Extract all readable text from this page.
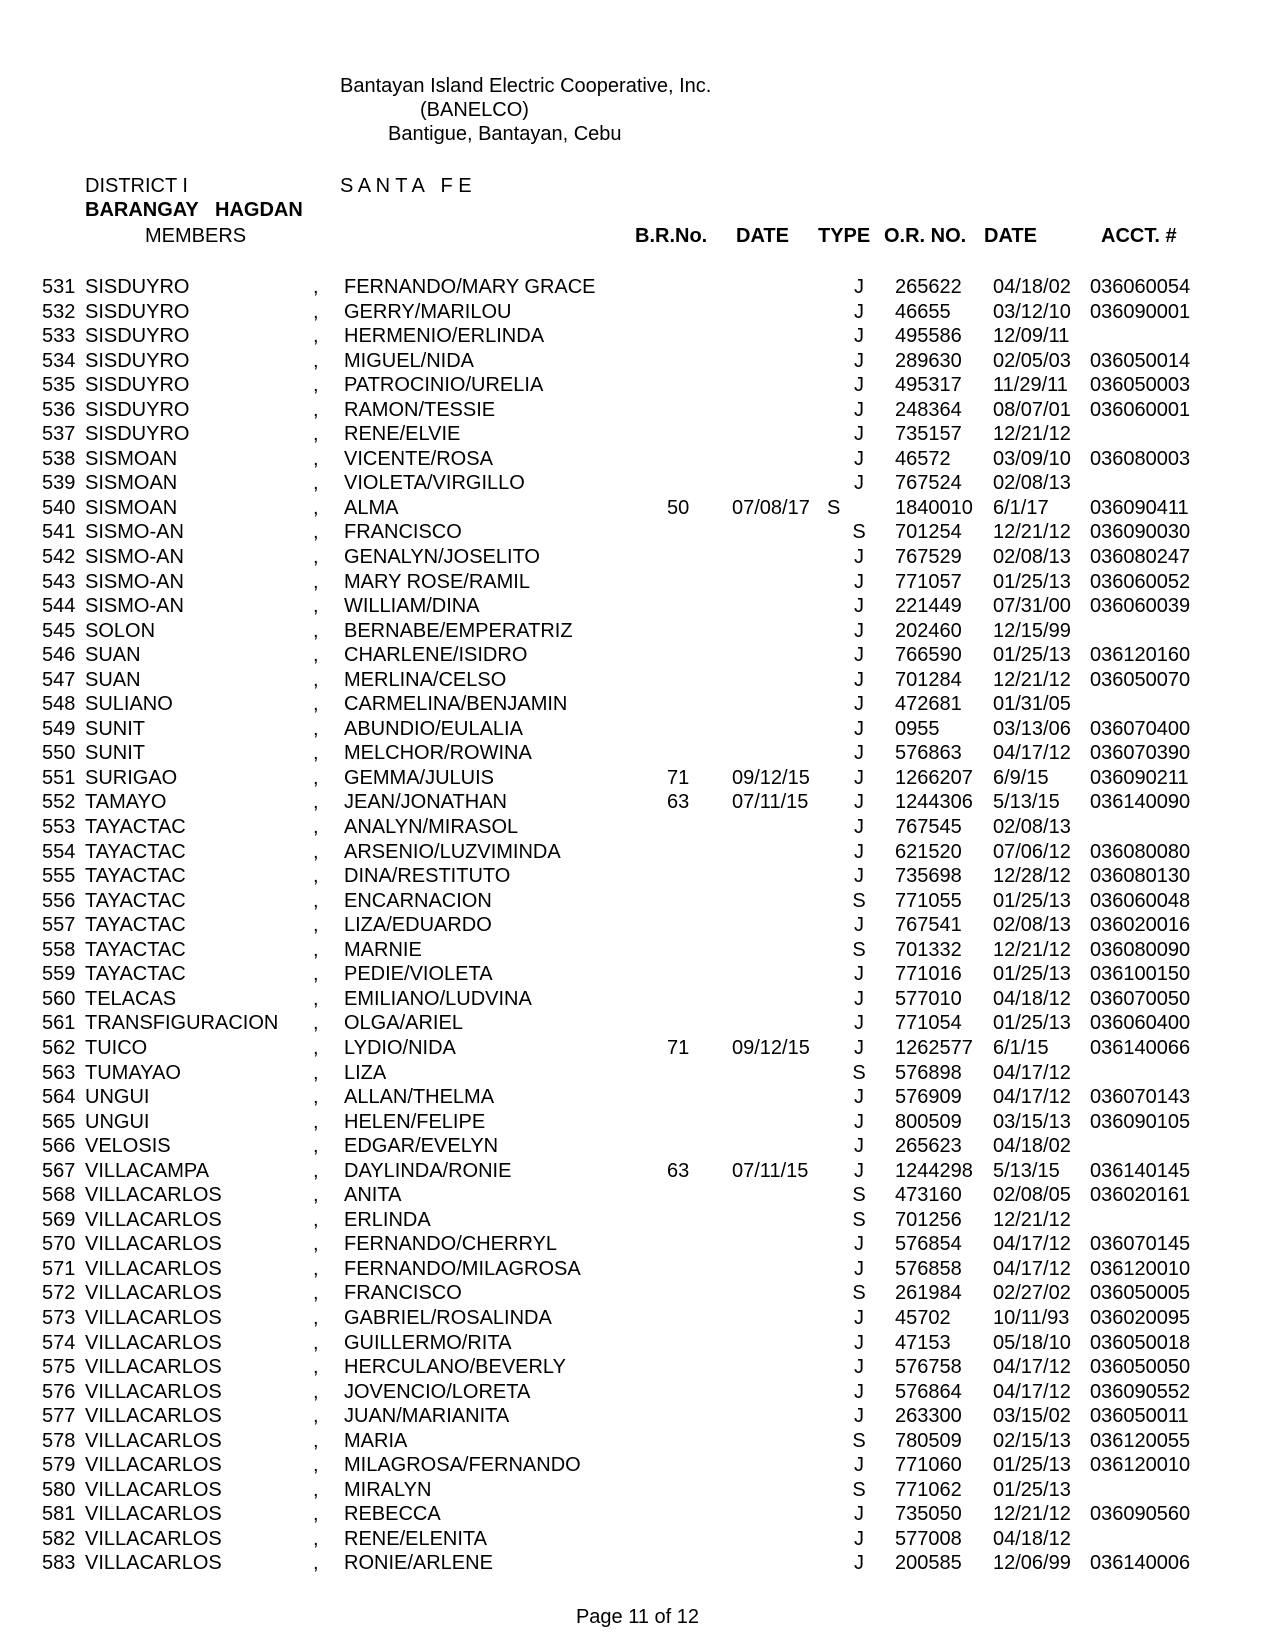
Bantayan Island Electric Cooperative, Inc.
(BANELCO)
Bantigue, Bantayan, Cebu
DISTRICT I	S A N T A   F E
BARANGAY   HAGDAN
MEMBERS	B.R.No. DATE TYPE O.R. NO. DATE	ACCT. #
531 SISDUYRO	, FERNANDO/MARY GRACE	J 265622 04/18/02 036060054
532 SISDUYRO	, GERRY/MARILOU	J 46655 03/12/10 036090001
533 SISDUYRO	, HERMENIO/ERLINDA	J 495586 12/09/11
534 SISDUYRO	, MIGUEL/NIDA	J 289630 02/05/03 036050014
535 SISDUYRO	, PATROCINIO/URELIA	J 495317 11/29/11 036050003
536 SISDUYRO	, RAMON/TESSIE	J 248364 08/07/01 036060001
537 SISDUYRO	, RENE/ELVIE	J 735157 12/21/12
538 SISMOAN	, VICENTE/ROSA	J 46572 03/09/10 036080003
539 SISMOAN	, VIOLETA/VIRGILLO	J 767524 02/08/13
540 SISMOAN	, ALMA	50 07/08/17 S	1840010 6/1/17 036090411
541 SISMO-AN	, FRANCISCO	S 701254 12/21/12 036090030
542 SISMO-AN	, GENALYN/JOSELITO	J 767529 02/08/13 036080247
543 SISMO-AN	, MARY ROSE/RAMIL	J 771057 01/25/13 036060052
544 SISMO-AN	, WILLIAM/DINA	J 221449 07/31/00 036060039
545 SOLON	, BERNABE/EMPERATRIZ	J 202460 12/15/99
546 SUAN	, CHARLENE/ISIDRO	J 766590 01/25/13 036120160
547 SUAN	, MERLINA/CELSO	J 701284 12/21/12 036050070
548 SULIANO	, CARMELINA/BENJAMIN	J 472681 01/31/05
549 SUNIT	, ABUNDIO/EULALIA	J 0955	03/13/06 036070400
550 SUNIT	, MELCHOR/ROWINA	J 576863 04/17/12 036070390
551 SURIGAO	, GEMMA/JULUIS	71 09/12/15 J 1266207 6/9/15 036090211
552 TAMAYO	, JEAN/JONATHAN	63 07/11/15 J 1244306 5/13/15 036140090
553 TAYACTAC	, ANALYN/MIRASOL	J 767545 02/08/13
554 TAYACTAC	, ARSENIO/LUZVIMINDA	J 621520 07/06/12 036080080
555 TAYACTAC	, DINA/RESTITUTO	J 735698 12/28/12 036080130
556 TAYACTAC	, ENCARNACION	S 771055 01/25/13 036060048
557 TAYACTAC	, LIZA/EDUARDO	J 767541 02/08/13 036020016
558 TAYACTAC	, MARNIE	S 701332 12/21/12 036080090
559 TAYACTAC	, PEDIE/VIOLETA	J 771016 01/25/13 036100150
560 TELACAS	, EMILIANO/LUDVINA	J 577010 04/18/12 036070050
561 TRANSFIGURACION , OLGA/ARIEL	J 771054 01/25/13 036060400
562 TUICO	, LYDIO/NIDA	71 09/12/15 J 1262577 6/1/15 036140066
563 TUMAYAO	, LIZA	S 576898 04/17/12
564 UNGUI	, ALLAN/THELMA	J 576909 04/17/12 036070143
565 UNGUI	, HELEN/FELIPE	J 800509 03/15/13 036090105
566 VELOSIS	, EDGAR/EVELYN	J 265623 04/18/02
567 VILLACAMPA	, DAYLINDA/RONIE	63 07/11/15 J 1244298 5/13/15 036140145
568 VILLACARLOS	, ANITA	S 473160 02/08/05 036020161
569 VILLACARLOS	, ERLINDA	S 701256 12/21/12
570 VILLACARLOS	, FERNANDO/CHERRYL	J 576854 04/17/12 036070145
571 VILLACARLOS	, FERNANDO/MILAGROSA	J 576858 04/17/12 036120010
572 VILLACARLOS	, FRANCISCO	S 261984 02/27/02 036050005
573 VILLACARLOS	, GABRIEL/ROSALINDA	J 45702 10/11/93 036020095
574 VILLACARLOS	, GUILLERMO/RITA	J 47153 05/18/10 036050018
575 VILLACARLOS	, HERCULANO/BEVERLY	J 576758 04/17/12 036050050
576 VILLACARLOS	, JOVENCIO/LORETA	J 576864 04/17/12 036090552
577 VILLACARLOS	, JUAN/MARIANITA	J 263300 03/15/02 036050011
578 VILLACARLOS	, MARIA	S 780509 02/15/13 036120055
579 VILLACARLOS	, MILAGROSA/FERNANDO	J 771060 01/25/13 036120010
580 VILLACARLOS	, MIRALYN	S 771062 01/25/13
581 VILLACARLOS	, REBECCA	J 735050 12/21/12 036090560
582 VILLACARLOS	, RENE/ELENITA	J 577008 04/18/12
583 VILLACARLOS	, RONIE/ARLENE	J 200585 12/06/99 036140006
Page 11 of 12
